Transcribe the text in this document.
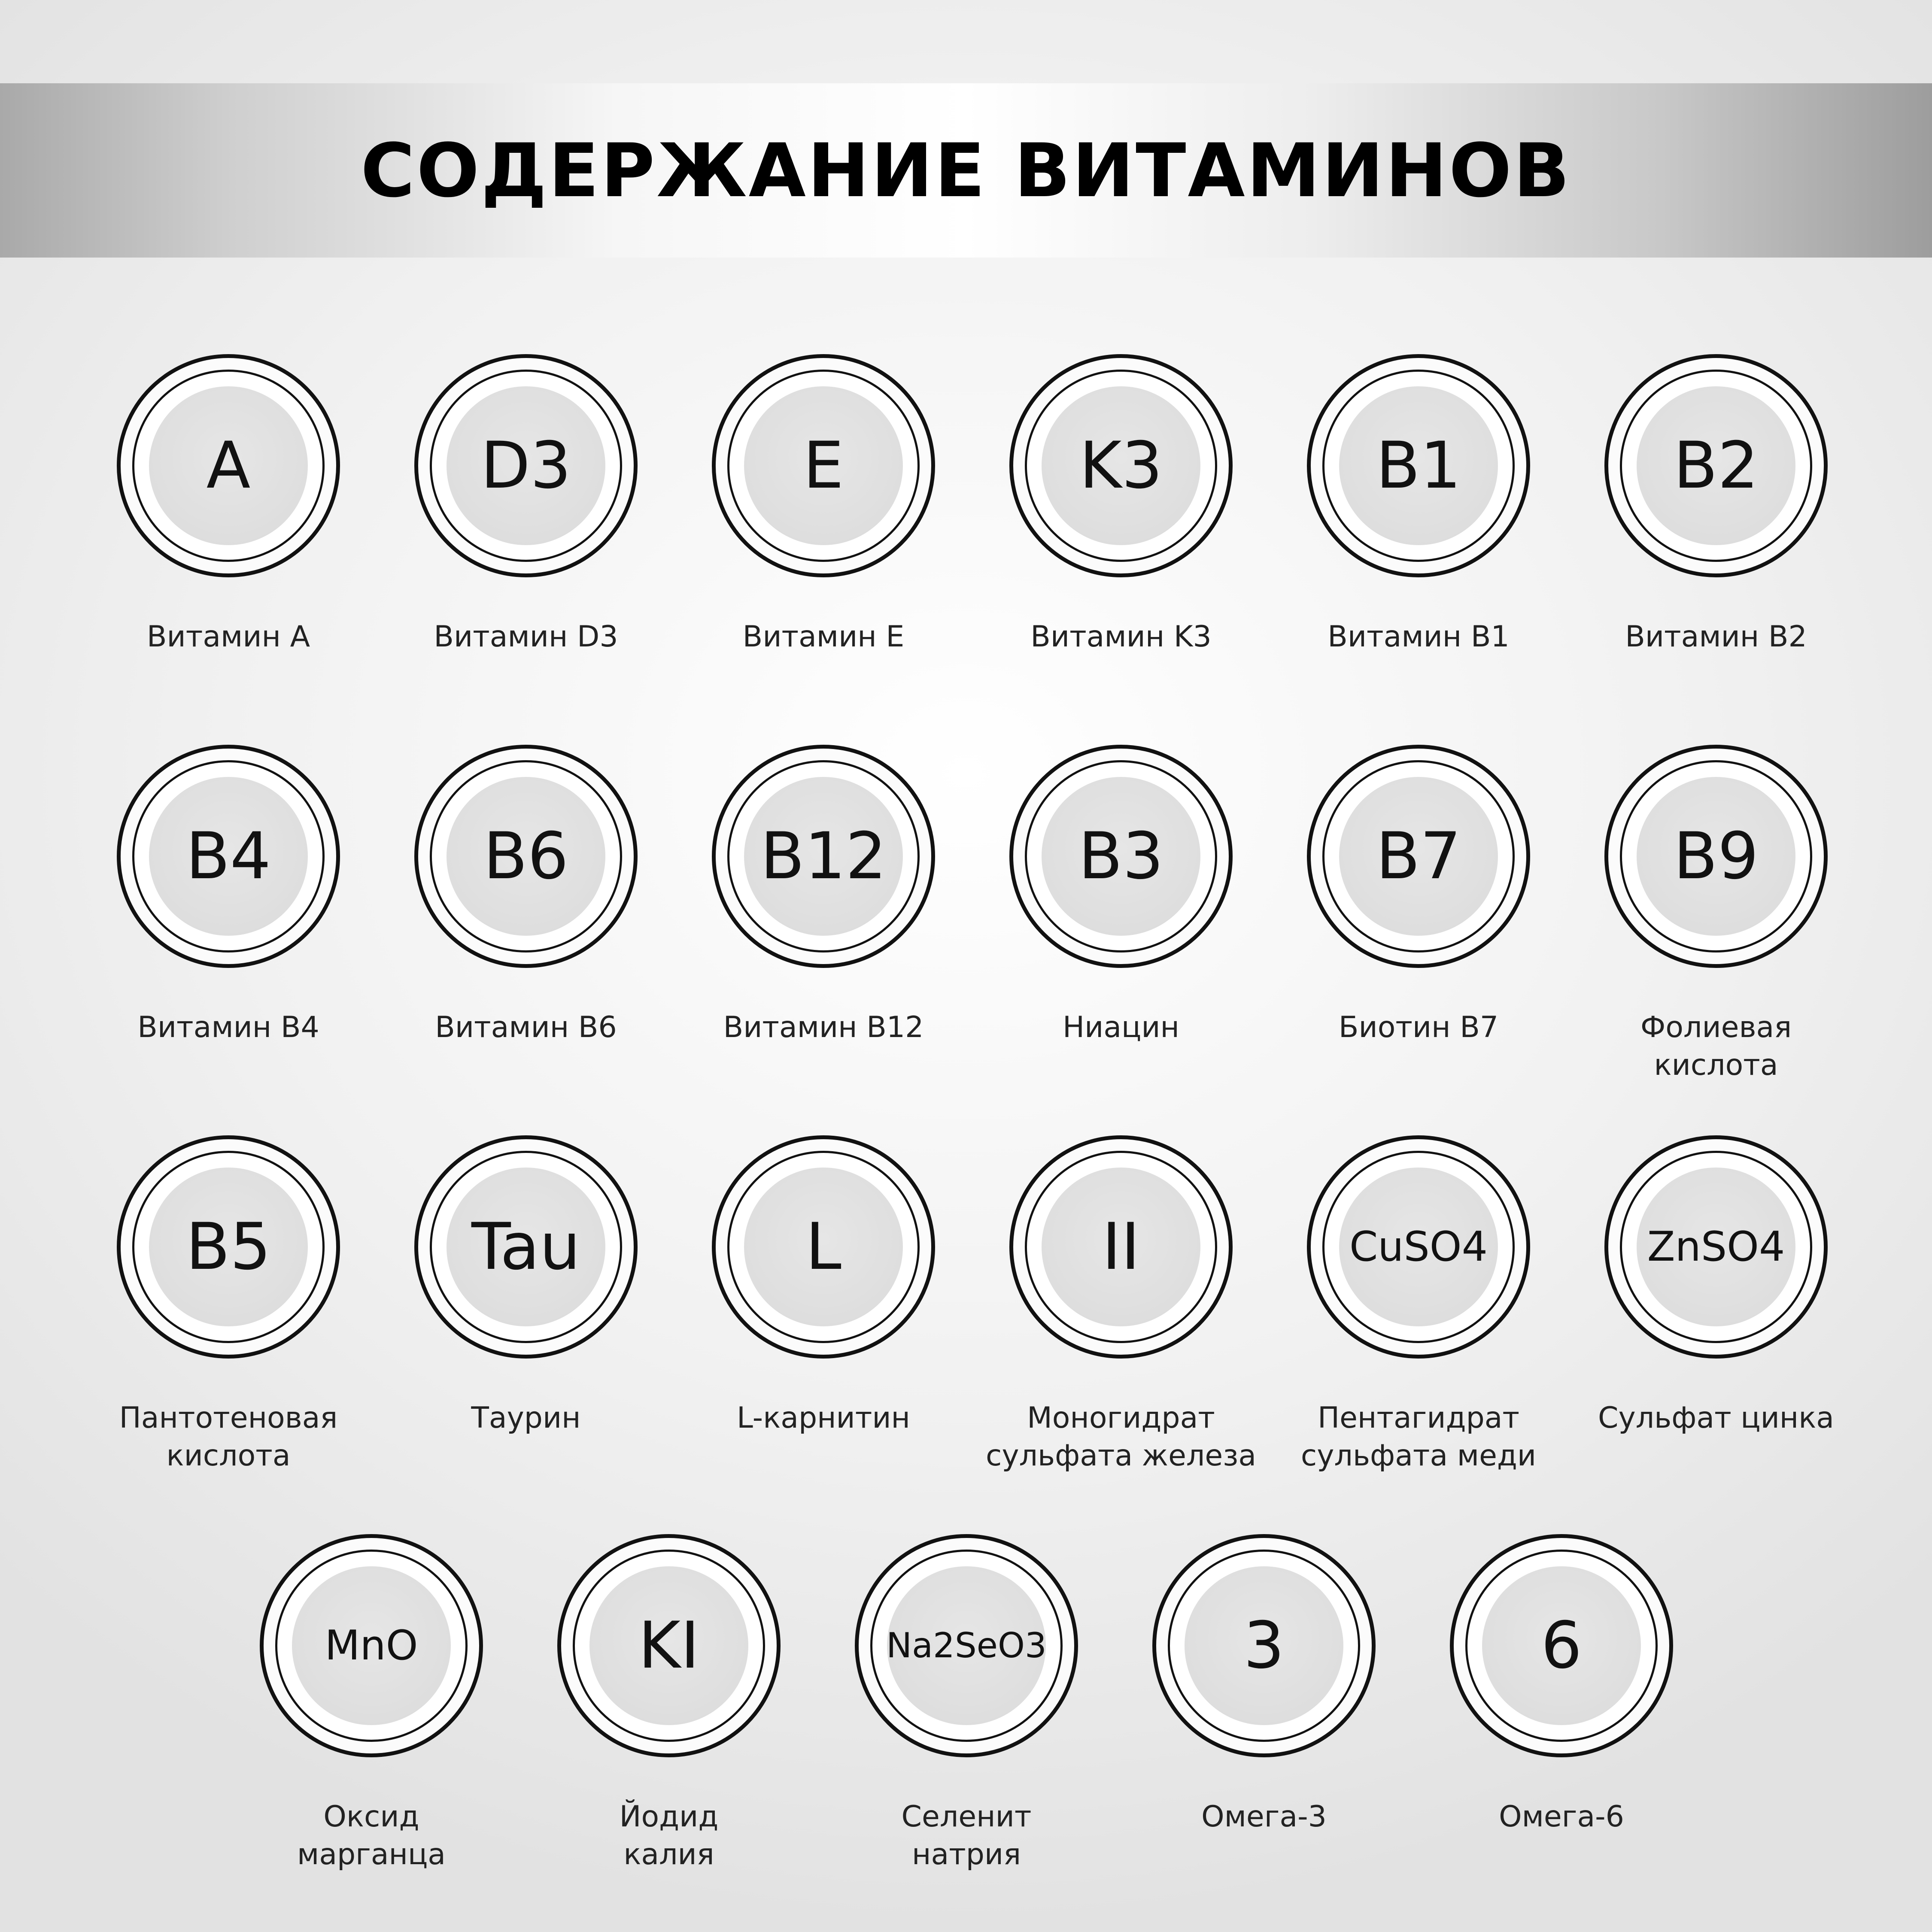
СОДЕРЖАНИЕ ВИТАМИНОВ
A
Витамин A
D3
Витамин D3
E
Витамин E
K3
Витамин K3
B1
Витамин B1
B2
Витамин B2
B4
Витамин B4
B6
Витамин B6
B12
Витамин B12
B3
Ниацин
B7
Биотин B7
B9
Фолиевая
кислота
B5
Пантотеновая
кислота
Tau
Таурин
L
L-карнитин
II
Моногидрат
сульфата железа
CuSO4
Пентагидрат
сульфата меди
ZnSO4
Сульфат цинка
MnO
Оксид
марганца
KI
Йодид
калия
Na2SeO3
Селенит
натрия
3
Омега-3
6
Омега-6
